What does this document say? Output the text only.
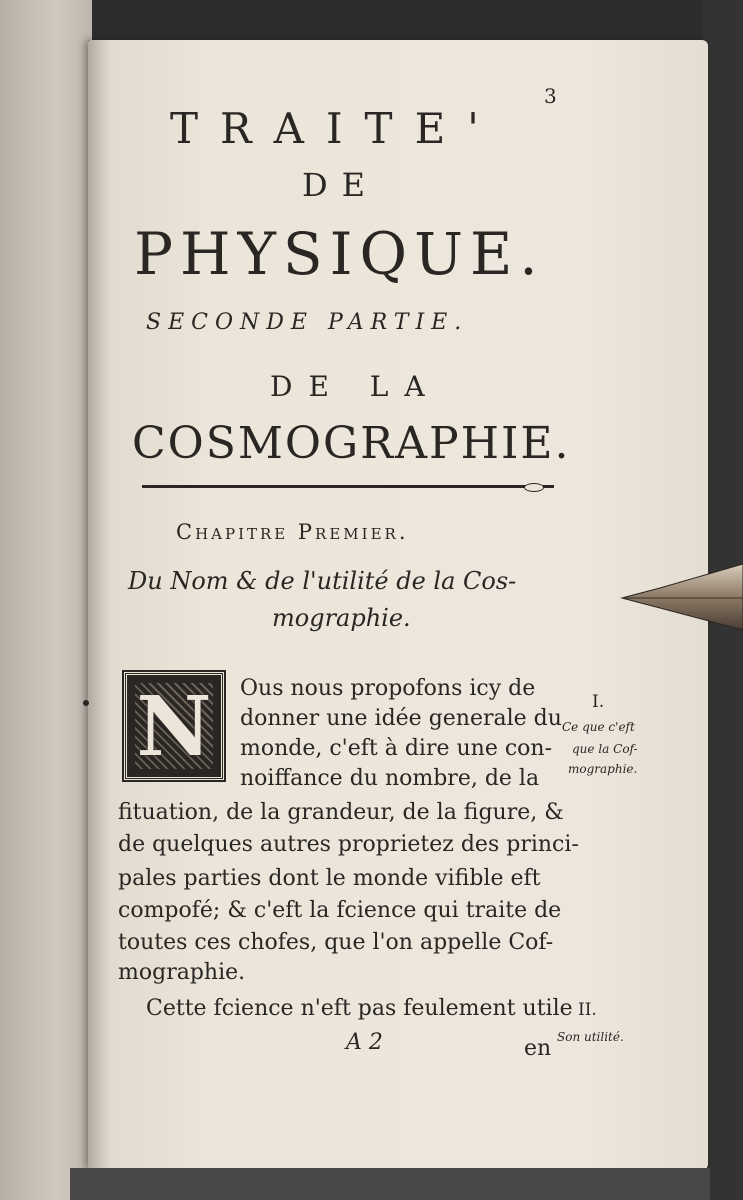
3
TRAITE'
DE
PHYSIQUE.
SECONDE PARTIE.
DE LA
COSMOGRAPHIE.
Chapitre Premier.
Du Nom & de l'utilité de la Cos-
mographie.
N	Ous nous propofons icy de
donner une idée generale du
monde, c'eft à dire une con-
noiffance du nombre, de la
fituation, de la grandeur, de la figure, &
de quelques autres proprietez des princi-
pales parties dont le monde vifible eft
compofé; & c'eft la fcience qui traite de
toutes ces chofes, que l'on appelle Cof-
mographie.
Cette fcience n'eft pas feulement utile
A 2	en
I.
Ce que c'eft
que la Cof-
mographie.
II.
Son utilité.
